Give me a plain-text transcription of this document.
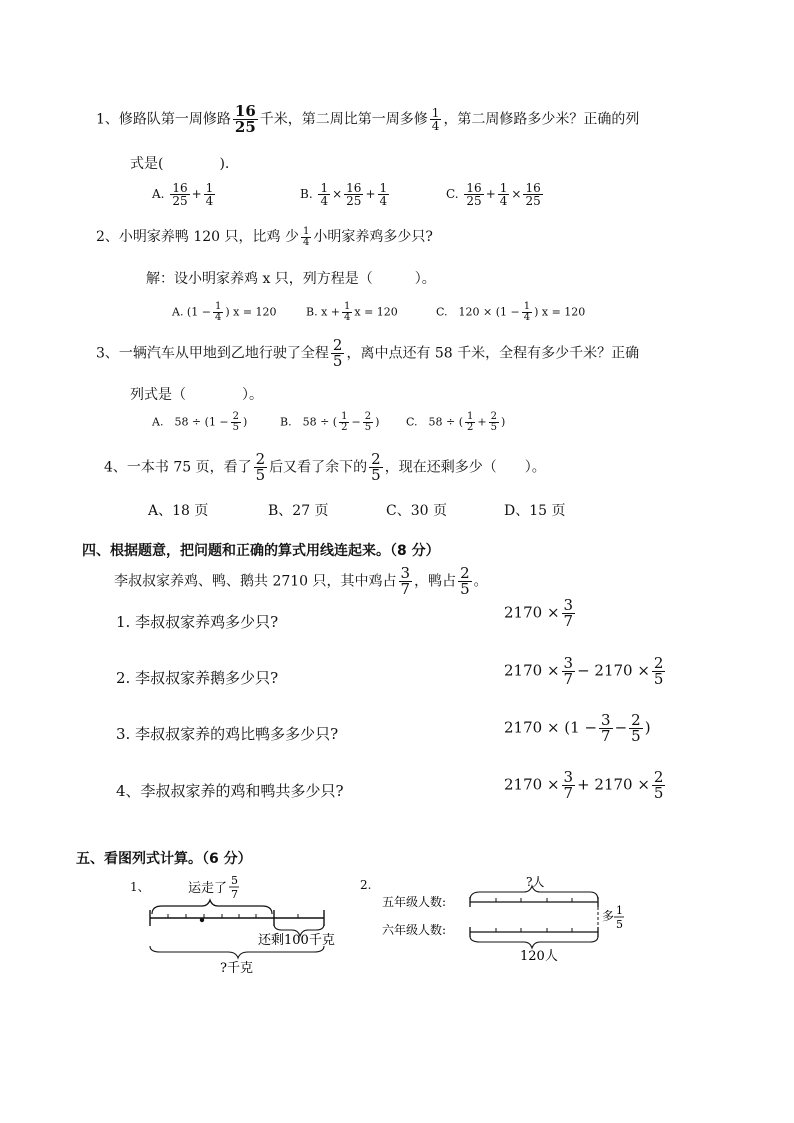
1、修路队第一周修路 $\frac{16}{25}$ 千米，第二周比第一周多修 $\frac{1}{4}$ ，第二周修路多少米？正确的列
式是(　　　　).
A. $\frac{16}{25} + \frac{1}{4}$	B. $\frac{1}{4} \times \frac{16}{25} + \frac{1}{4}$	C. $\frac{16}{25} + \frac{1}{4} \times \frac{16}{25}$
2、小明家养鸭 120 只，比鸡 少 $\frac{1}{4}$ 小明家养鸡多少只?
解：设小明家养鸡 x 只，列方程是（　　　）。
A. ($1 - \frac{1}{4}$ ) x = 120	B. $x + \frac{1}{4}$ x = 120	C.　$120 \times (1 - \frac{1}{4}$ ) x = 120
3、一辆汽车从甲地到乙地行驶了全程 $\frac{2}{5}$ ，离中点还有 58 千米，全程有多少千米？正确
列式是（　　　　）。
A.　$58 \div (1 - \frac{2}{5}$ )	B.　58 ÷ ( $\frac{1}{2} - \frac{2}{5}$ ) C.　58 ÷ ( $\frac{1}{2} + \frac{2}{5}$ )
4、一本书 75 页，看了 $\frac{2}{5}$ 后又看了余下的 $\frac{2}{5}$ ，现在还剩多少（　　）。
A、18 页	B、27 页	C、30 页	D、15 页
四、根据题意，把问题和正确的算式用线连起来。（8 分）
李叔叔家养鸡、鸭、鹅共 2710 只，其中鸡占 $\frac{3}{7}$ ，鸭占 $\frac{2}{5}$ 。
1. 李叔叔家养鸡多少只?
2. 李叔叔家养鹅多少只?
3. 李叔叔家养的鸡比鸭多多少只?
4、李叔叔家养的鸡和鸭共多少只?
$2170 \times \frac{3}{7}$
$2170 \times \frac{3}{7} - 2170 \times \frac{2}{5}$
$2170 \times (1 - \frac{3}{7} - \frac{2}{5}$ )
$2170 \times \frac{3}{7} + 2170 \times \frac{2}{5}$
五、看图列式计算。（6 分）
1、	运走了
5
7
还剩100千克
?千克
2.
五年级人数:
六年级人数:
?人
多 1
5
120人
